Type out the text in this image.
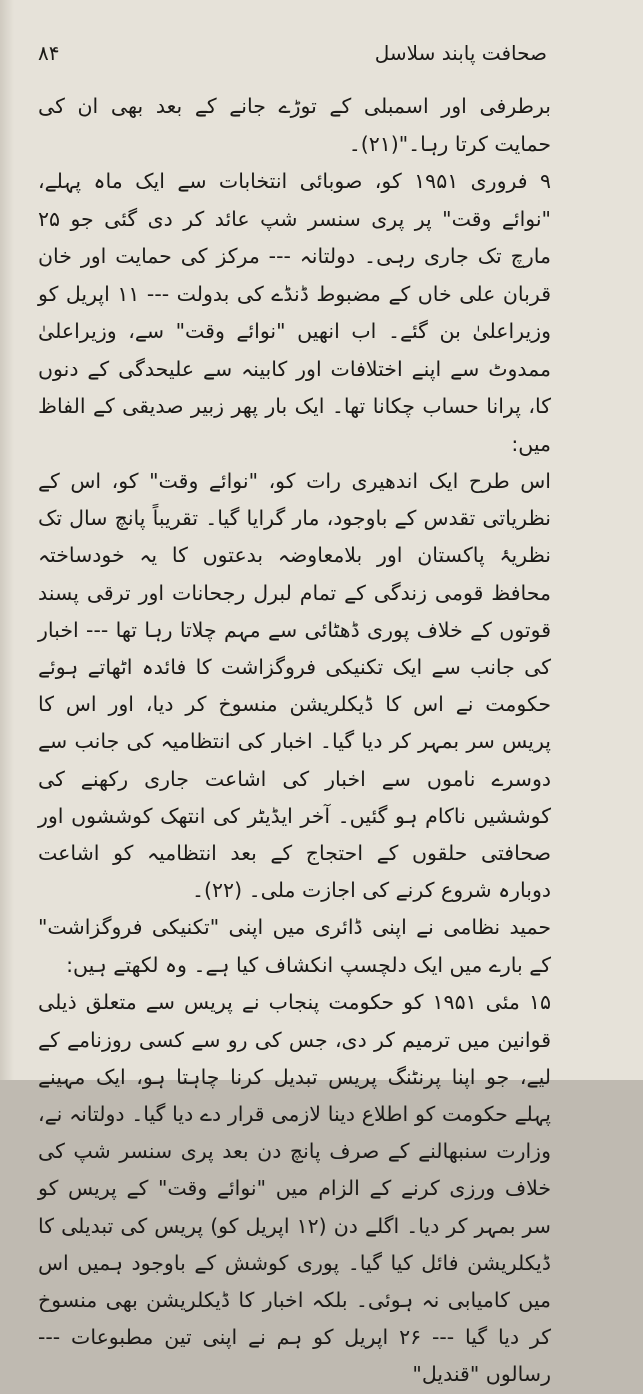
۸۴	صحافت پابند سلاسل

برطرفی اور اسمبلی کے توڑے جانے کے بعد بھی ان کی حمایت کرتا رہا۔"(۲۱)۔

۹ فروری ۱۹۵۱ کو، صوبائی انتخابات سے ایک ماہ پہلے، "نوائے وقت" پر پری سنسر شپ عائد کر دی گئی جو ۲۵ مارچ تک جاری رہی۔ دولتانہ --- مرکز کی حمایت اور خان قربان علی خاں کے مضبوط ڈنڈے کی بدولت --- ۱۱ اپریل کو وزیراعلیٰ بن گئے۔ اب انھیں "نوائے وقت" سے، وزیراعلیٰ ممدوٹ سے اپنے اختلافات اور کابینہ سے علیحدگی کے دنوں کا، پرانا حساب چکانا تھا۔ ایک بار پھر زبیر صدیقی کے الفاظ میں:

اس طرح ایک اندھیری رات کو، "نوائے وقت" کو، اس کے نظریاتی تقدس کے باوجود، مار گرایا گیا۔ تقریباً پانچ سال تک نظریۂ پاکستان اور بلامعاوضہ بدعتوں کا یہ خودساختہ محافظ قومی زندگی کے تمام لبرل رجحانات اور ترقی پسند قوتوں کے خلاف پوری ڈھٹائی سے مہم چلاتا رہا تھا --- اخبار کی جانب سے ایک تکنیکی فروگزاشت کا فائدہ اٹھاتے ہوئے حکومت نے اس کا ڈیکلریشن منسوخ کر دیا، اور اس کا پریس سر بمہر کر دیا گیا۔ اخبار کی انتظامیہ کی جانب سے دوسرے ناموں سے اخبار کی اشاعت جاری رکھنے کی کوششیں ناکام ہو گئیں۔ آخر ایڈیٹر کی انتھک کوششوں اور صحافتی حلقوں کے احتجاج کے بعد انتظامیہ کو اشاعت دوبارہ شروع کرنے کی اجازت ملی۔ (۲۲)۔

حمید نظامی نے اپنی ڈائری میں اپنی "تکنیکی فروگزاشت" کے بارے میں ایک دلچسپ انکشاف کیا ہے۔ وہ لکھتے ہیں:

۱۵ مئی ۱۹۵۱ کو حکومت پنجاب نے پریس سے متعلق ذیلی قوانین میں ترمیم کر دی، جس کی رو سے کسی روزنامے کے لیے، جو اپنا پرنٹنگ پریس تبدیل کرنا چاہتا ہو، ایک مہینے پہلے حکومت کو اطلاع دینا لازمی قرار دے دیا گیا۔ دولتانہ نے، وزارت سنبھالنے کے صرف پانچ دن بعد پری سنسر شپ کی خلاف ورزی کرنے کے الزام میں "نوائے وقت" کے پریس کو سر بمہر کر دیا۔ اگلے دن (۱۲ اپریل کو) پریس کی تبدیلی کا ڈیکلریشن فائل کیا گیا۔ پوری کوشش کے باوجود ہمیں اس میں کامیابی نہ ہوئی۔ بلکہ اخبار کا ڈیکلریشن بھی منسوخ کر دیا گیا --- ۲۶ اپریل کو ہم نے اپنی تین مطبوعات --- رسالوں "قندیل"
